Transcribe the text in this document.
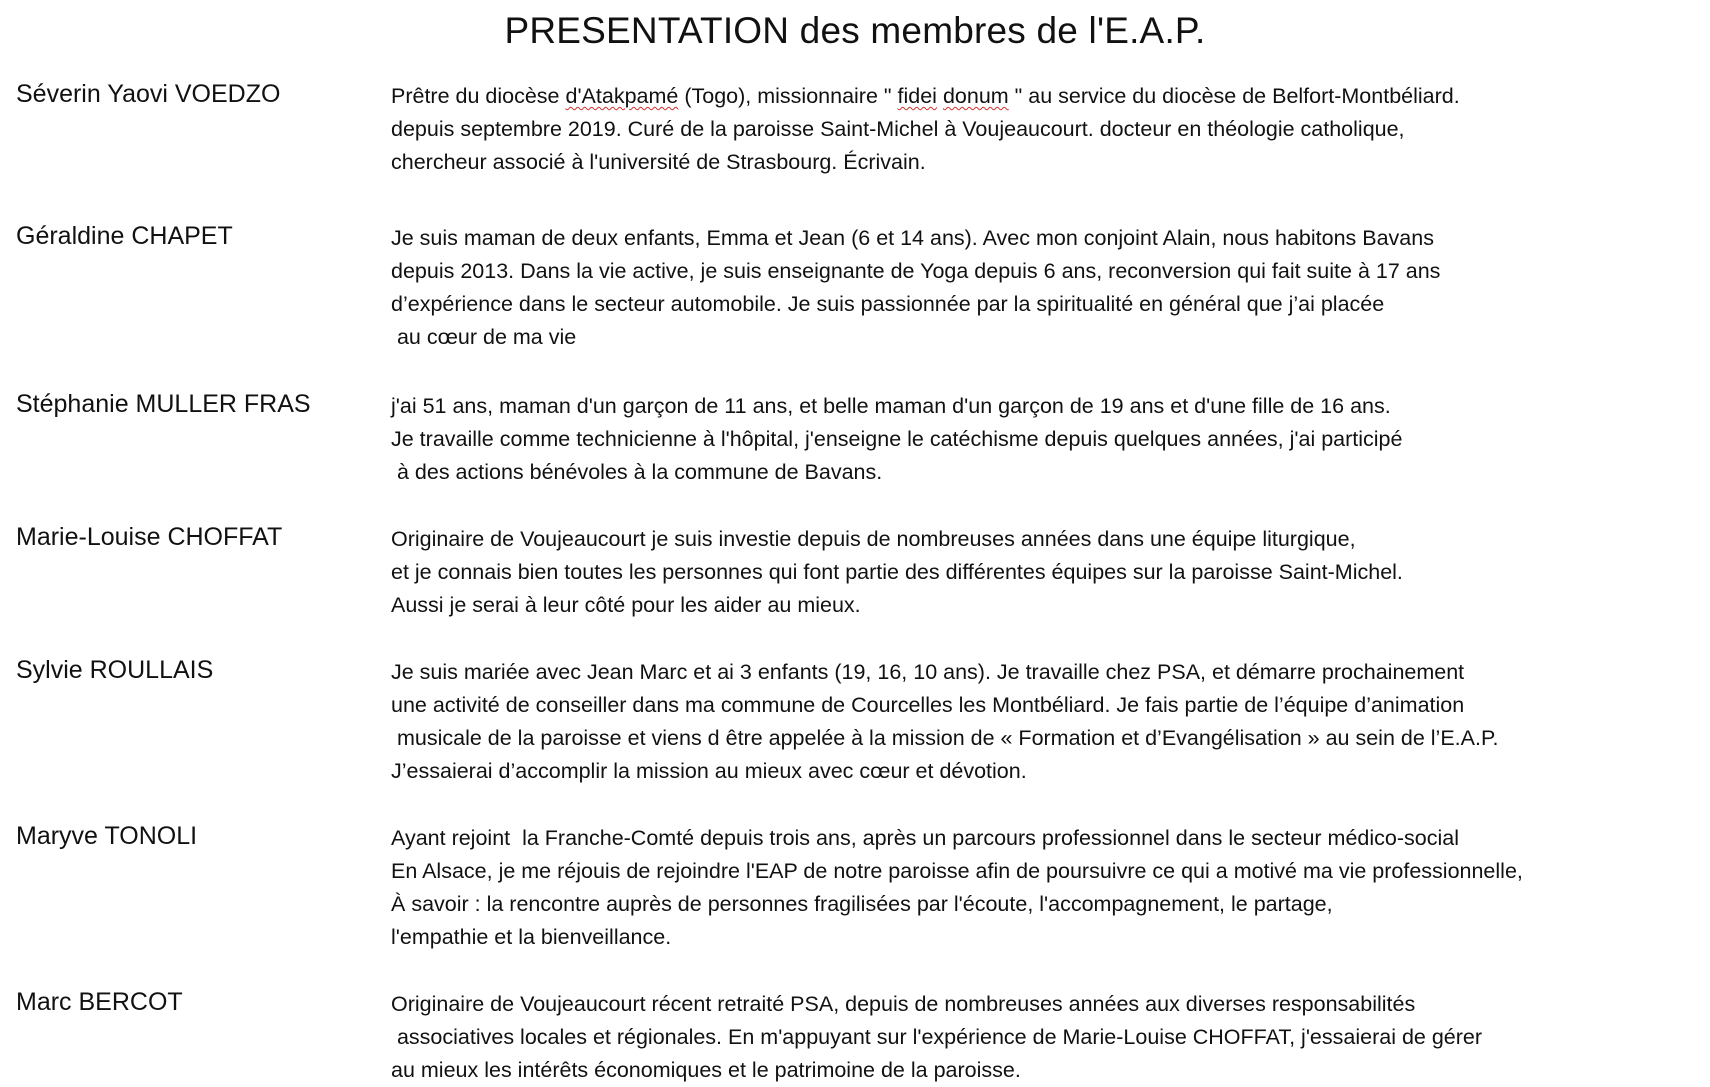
PRESENTATION des membres de l'E.A.P.
Séverin Yaovi VOEDZO	Prêtre du diocèse d'Atakpamé (Togo), missionnaire " fidei donum " au service du diocèse de Belfort-Montbéliard.
depuis septembre 2019. Curé de la paroisse Saint-Michel à Voujeaucourt. docteur en théologie catholique,
chercheur associé à l'université de Strasbourg. Écrivain.
Géraldine CHAPET	Je suis maman de deux enfants, Emma et Jean (6 et 14 ans). Avec mon conjoint Alain, nous habitons Bavans
depuis 2013. Dans la vie active, je suis enseignante de Yoga depuis 6 ans, reconversion qui fait suite à 17 ans
d’expérience dans le secteur automobile. Je suis passionnée par la spiritualité en général que j’ai placée
au cœur de ma vie
Stéphanie MULLER FRAS	j'ai 51 ans, maman d'un garçon de 11 ans, et belle maman d'un garçon de 19 ans et d'une fille de 16 ans.
Je travaille comme technicienne à l'hôpital, j'enseigne le catéchisme depuis quelques années, j'ai participé
à des actions bénévoles à la commune de Bavans.
Marie-Louise CHOFFAT	Originaire de Voujeaucourt je suis investie depuis de nombreuses années dans une équipe liturgique,
et je connais bien toutes les personnes qui font partie des différentes équipes sur la paroisse Saint-Michel.
Aussi je serai à leur côté pour les aider au mieux.
Sylvie ROULLAIS	Je suis mariée avec Jean Marc et ai 3 enfants (19, 16, 10 ans). Je travaille chez PSA, et démarre prochainement
une activité de conseiller dans ma commune de Courcelles les Montbéliard. Je fais partie de l’équipe d’animation
musicale de la paroisse et viens d être appelée à la mission de « Formation et d’Evangélisation » au sein de l’E.A.P.
J’essaierai d’accomplir la mission au mieux avec cœur et dévotion.
Maryve TONOLI	Ayant rejoint  la Franche-Comté depuis trois ans, après un parcours professionnel dans le secteur médico-social
En Alsace, je me réjouis de rejoindre l'EAP de notre paroisse afin de poursuivre ce qui a motivé ma vie professionnelle,
À savoir : la rencontre auprès de personnes fragilisées par l'écoute, l'accompagnement, le partage,
l'empathie et la bienveillance.
Marc BERCOT	Originaire de Voujeaucourt récent retraité PSA, depuis de nombreuses années aux diverses responsabilités
associatives locales et régionales. En m'appuyant sur l'expérience de Marie-Louise CHOFFAT, j'essaierai de gérer
au mieux les intérêts économiques et le patrimoine de la paroisse.
